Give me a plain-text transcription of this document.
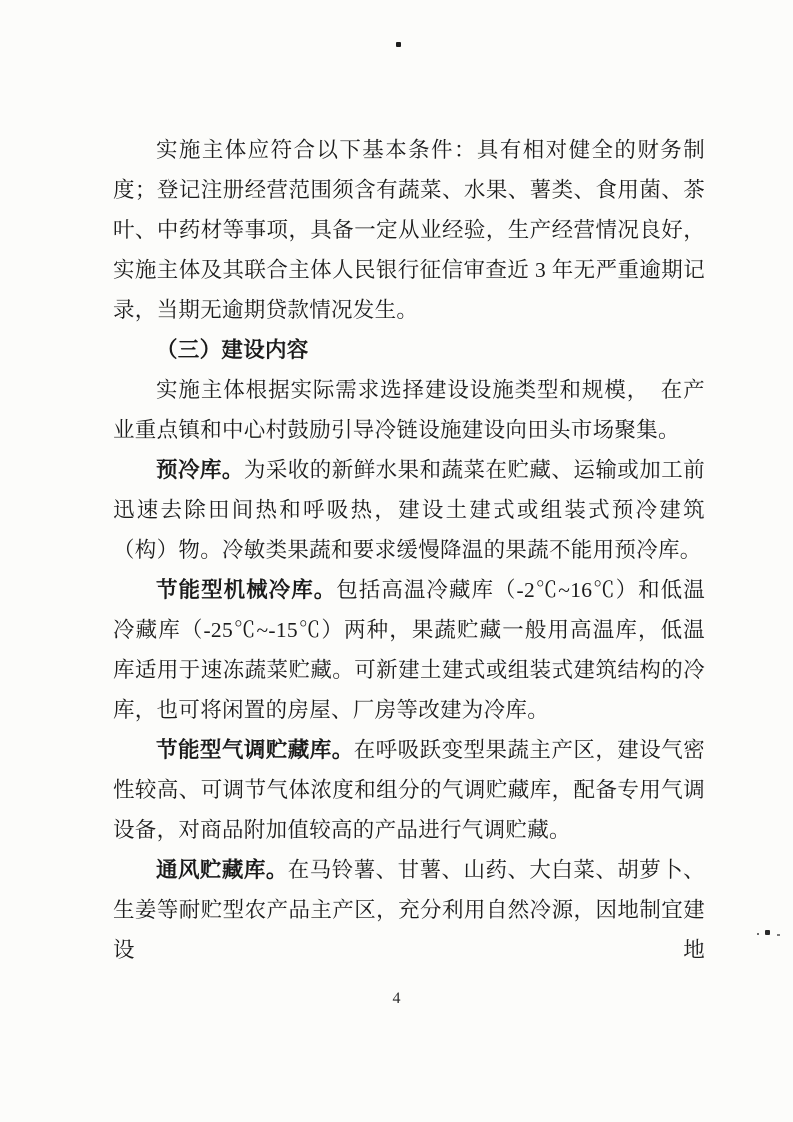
实施主体应符合以下基本条件：具有相对健全的财务制度；登记注册经营范围须含有蔬菜、水果、薯类、食用菌、茶叶、中药材等事项，具备一定从业经验，生产经营情况良好，实施主体及其联合主体人民银行征信审查近 3 年无严重逾期记录，当期无逾期贷款情况发生。

（三）建设内容

实施主体根据实际需求选择建设设施类型和规模，　在产业重点镇和中心村鼓励引导冷链设施建设向田头市场聚集。

预冷库。为采收的新鲜水果和蔬菜在贮藏、运输或加工前迅速去除田间热和呼吸热，建设土建式或组装式预冷建筑（构）物。冷敏类果蔬和要求缓慢降温的果蔬不能用预冷库。

节能型机械冷库。包括高温冷藏库（-2℃~16℃）和低温冷藏库（-25℃~-15℃）两种，果蔬贮藏一般用高温库，低温库适用于速冻蔬菜贮藏。可新建土建式或组装式建筑结构的冷库，也可将闲置的房屋、厂房等改建为冷库。

节能型气调贮藏库。在呼吸跃变型果蔬主产区，建设气密性较高、可调节气体浓度和组分的气调贮藏库，配备专用气调设备，对商品附加值较高的产品进行气调贮藏。

通风贮藏库。在马铃薯、甘薯、山药、大白菜、胡萝卜、生姜等耐贮型农产品主产区，充分利用自然冷源，因地制宜建设地

4
